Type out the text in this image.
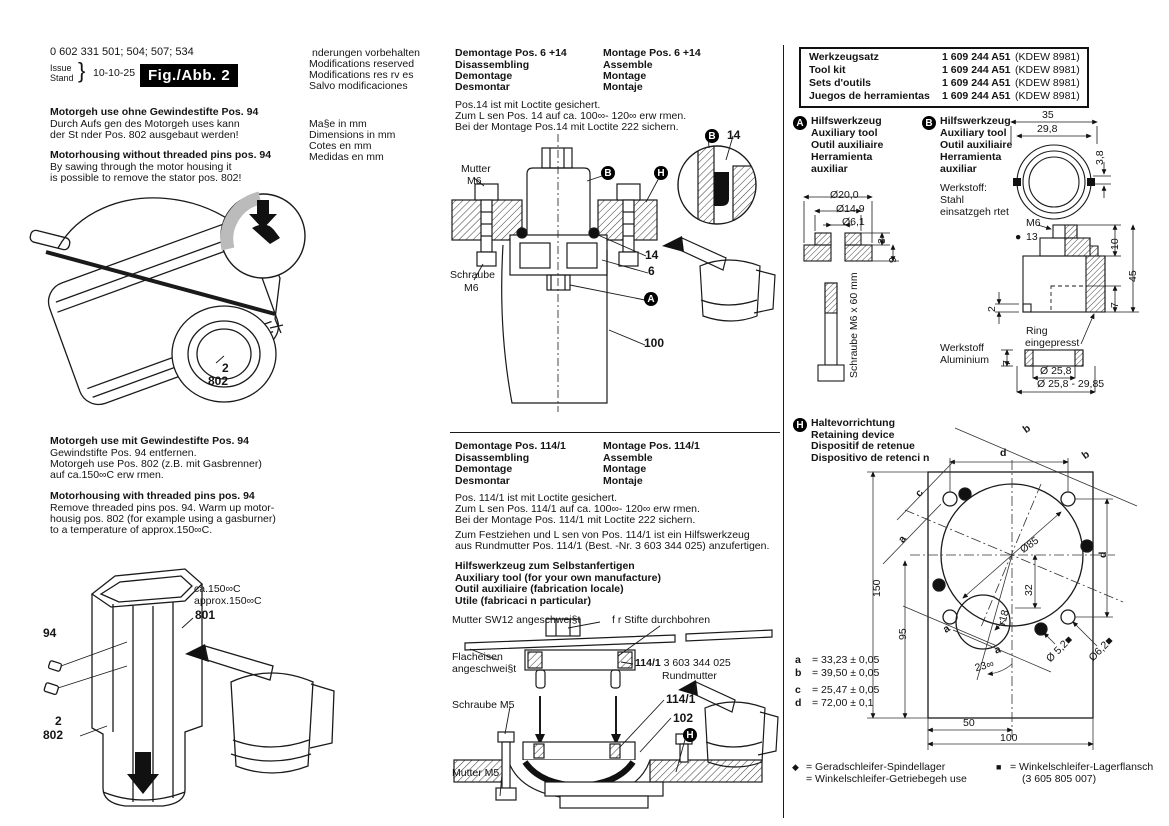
0 602 331 501; 504; 507; 534
Issue
Stand } 10-10-25 Fig./Abb. 2
Motorgeh use ohne Gewindestifte Pos. 94
Durch Aufs gen des Motorgeh uses kann
der St nder Pos. 802 ausgebaut werden!
Motorhousing without threaded pins pos. 94
By sawing through the motor housing it
is possible to remove the stator pos. 802!
2
802
Motorgeh use mit Gewindestifte Pos. 94
Gewindstifte Pos. 94 entfernen.
Motorgeh use Pos. 802 (z.B. mit Gasbrenner)
auf ca.150∞C erw rmen.
Motorhousing with threaded pins pos. 94
Remove threaded pins pos. 94. Warm up motor-
housig pos. 802 (for example using a gasburner)
to a temperature of approx.150∞C.
94
ca.150∞C
approx.150∞C
801
2
802
nderungen vorbehalten
Modifications reserved
Modifications res rv es
Salvo modificaciones
Ma§e in mm
Dimensions in mm
Cotes en mm
Medidas en mm
Demontage Pos. 6 +14
Disassembling
Demontage
Desmontar
Montage Pos. 6 +14
Assemble
Montage
Montaje
Pos.14 ist mit Loctite gesichert.
Zum L sen Pos. 14 auf ca. 100∞- 120∞ erw rmen.
Bei der Montage Pos.14 mit Loctite 222 sichern.
Mutter
M6
B	H
Schraube
M6
14
6
A
100
B 14
Demontage Pos. 114/1
Disassembling
Demontage
Desmontar
Montage Pos. 114/1
Assemble
Montage
Montaje
Pos. 114/1 ist mit Loctite gesichert.
Zum L sen Pos. 114/1 auf ca. 100∞- 120∞ erw rmen.
Bei der Montage Pos. 114/1 mit Loctite 222 sichern.
Zum Festziehen und L sen von Pos. 114/1 ist ein Hilfswerkzeug
aus Rundmutter Pos. 114/1 (Best. -Nr. 3 603 344 025) anzufertigen.
Hilfswerkzeug zum Selbstanfertigen
Auxiliary tool (for your own manufacture)
Outil auxiliaire (fabrication locale)
Utile (fabricaci n particular)
Mutter SW12 angeschwei§t	f r Stifte durchbohren
Flacheisen
angeschwei§t	114/1 3 603 344 025
Rundmutter
Schraube M5	114/1
102
H
Mutter M5
Werkzeugsatz	1 609 244 A51 (KDEW 8981)
Tool kit	1 609 244 A51 (KDEW 8981)
Sets d'outils	1 609 244 A51 (KDEW 8981)
Juegos de herramientas 1 609 244 A51 (KDEW 8981)
A Hilfswerkzeug
Auxiliary tool
Outil auxiliaire
Herramienta
auxiliar
Ø20,0
Ø14,9
Ø6,1
3
9
Schraube M6 x 60 mm
B Hilfswerkzeug
Auxiliary tool
Outil auxiliaire
Herramienta
auxiliar
Werkstoff:
Stahl
einsatzgeh rtet
35
29,8
3,8
M6
● 13
10
45
7
2
Ring
eingepresst
7
Ø 25,8
Ø 25,8 - 29,85
Werkstoff
Aluminium
H Haltevorrichtung
Retaining device
Dispositif de retenue
Dispositivo de retenci n
b
b
d
c
a
a
a
150
95
32
r18
23∞
Ø 5,2■ Ø6,2■
Ø85	d
50
100
a = 33,23 ± 0,05
b = 39,50 ± 0,05
c = 25,47 ± 0,05
d = 72,00 ± 0,1
◆ = Geradschleifer-Spindellager
= Winkelschleifer-Getriebegeh use
■ = Winkelschleifer-Lagerflansch
(3 605 805 007)
